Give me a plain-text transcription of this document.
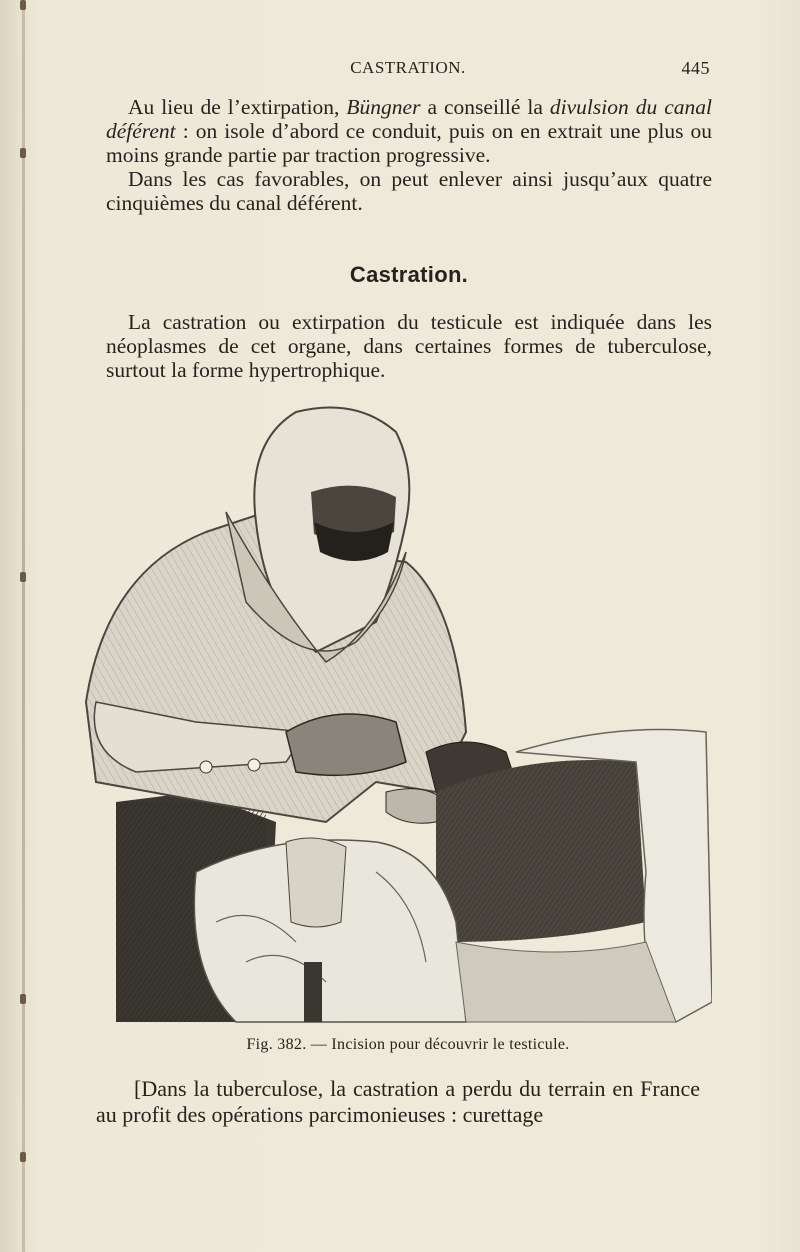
CASTRATION.	445

Au lieu de l’extirpation, Büngner a conseillé la divulsion du canal déférent : on isole d’abord ce conduit, puis on en extrait une plus ou moins grande partie par traction progressive.

Dans les cas favorables, on peut enlever ainsi jusqu’aux quatre cinquièmes du canal déférent.

Castration.

La castration ou extirpation du testicule est indiquée dans les néoplasmes de cet organe, dans certaines formes de tuberculose, surtout la forme hypertrophique.

Fig. 382. — Incision pour découvrir le testicule.

[Dans la tuberculose, la castration a perdu du terrain en France au profit des opérations parcimonieuses : curettage
